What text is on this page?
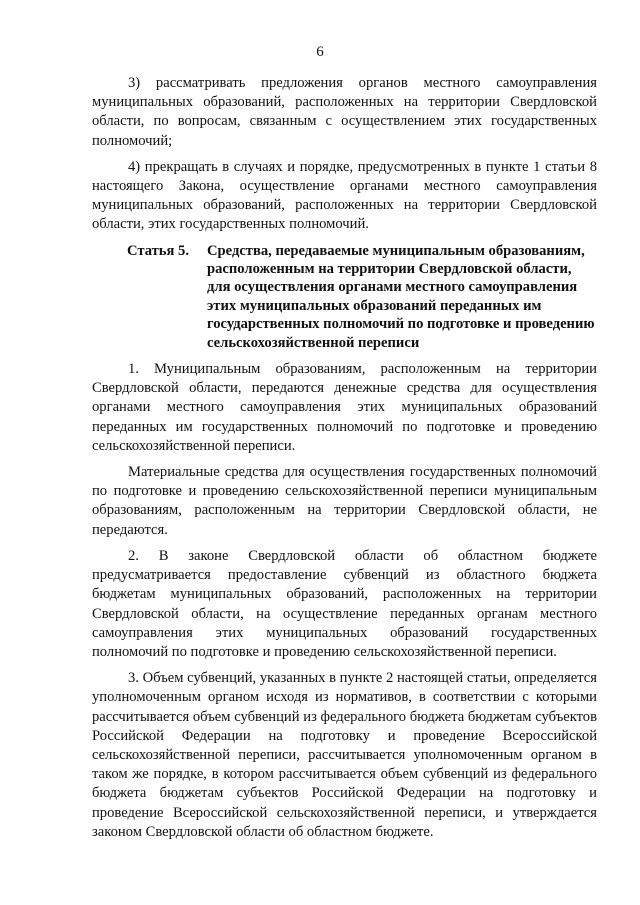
6

3) рассматривать предложения органов местного самоуправления муниципальных образований, расположенных на территории Свердловской области, по вопросам, связанным с осуществлением этих государственных полномочий;

4) прекращать в случаях и порядке, предусмотренных в пункте 1 статьи 8 настоящего Закона, осуществление органами местного самоуправления муниципальных образований, расположенных на территории Свердловской области, этих государственных полномочий.

Статья 5.	Средства, передаваемые муниципальным образованиям, расположенным на территории Свердловской области, для осуществления органами местного самоуправления этих муниципальных образований переданных им государственных полномочий по подготовке и проведению сельскохозяйственной переписи

1. Муниципальным образованиям, расположенным на территории Свердловской области, передаются денежные средства для осуществления органами местного самоуправления этих муниципальных образований переданных им государственных полномочий по подготовке и проведению сельскохозяйственной переписи.

Материальные средства для осуществления государственных полномочий по подготовке и проведению сельскохозяйственной переписи муниципальным образованиям, расположенным на территории Свердловской области, не передаются.

2. В законе Свердловской области об областном бюджете предусматривается предоставление субвенций из областного бюджета бюджетам муниципальных образований, расположенных на территории Свердловской области, на осуществление переданных органам местного самоуправления этих муниципальных образований государственных полномочий по подготовке и проведению сельскохозяйственной переписи.

3. Объем субвенций, указанных в пункте 2 настоящей статьи, определяется уполномоченным органом исходя из нормативов, в соответствии с которыми рассчитывается объем субвенций из федерального бюджета бюджетам субъектов Российской Федерации на подготовку и проведение Всероссийской сельскохозяйственной переписи, рассчитывается уполномоченным органом в таком же порядке, в котором рассчитывается объем субвенций из федерального бюджета бюджетам субъектов Российской Федерации на подготовку и проведение Всероссийской сельскохозяйственной переписи, и утверждается законом Свердловской области об областном бюджете.
